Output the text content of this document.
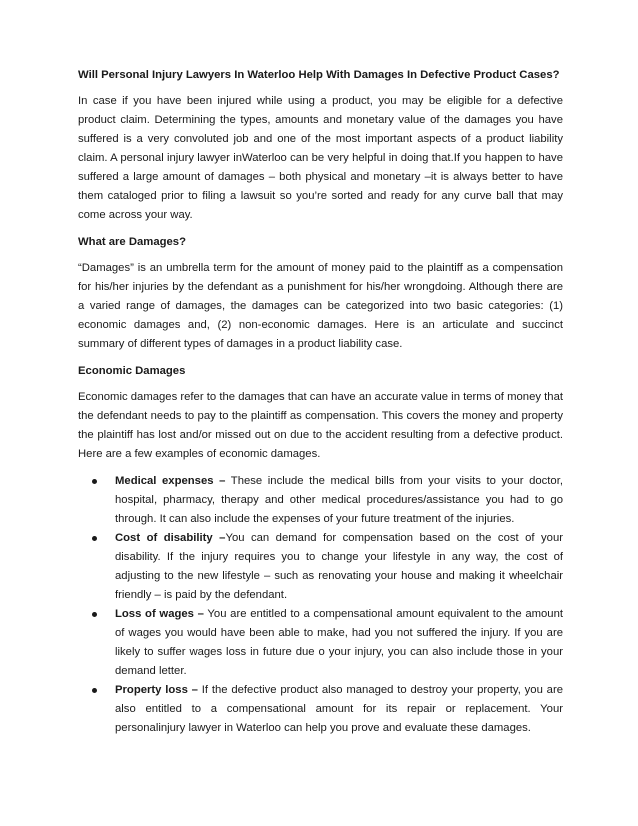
Will Personal Injury Lawyers In Waterloo Help With Damages In Defective Product Cases?

In case if you have been injured while using a product, you may be eligible for a defective product claim. Determining the types, amounts and monetary value of the damages you have suffered is a very convoluted job and one of the most important aspects of a product liability claim. A personal injury lawyer inWaterloo can be very helpful in doing that.If you happen to have suffered a large amount of damages – both physical and monetary –it is always better to have them cataloged prior to filing a lawsuit so you’re sorted and ready for any curve ball that may come across your way.

What are Damages?

“Damages” is an umbrella term for the amount of money paid to the plaintiff as a compensation for his/her injuries by the defendant as a punishment for his/her wrongdoing. Although there are a varied range of damages, the damages can be categorized into two basic categories: (1) economic damages and, (2) non-economic damages. Here is an articulate and succinct summary of different types of damages in a product liability case.

Economic Damages

Economic damages refer to the damages that can have an accurate value in terms of money that the defendant needs to pay to the plaintiff as compensation. This covers the money and property the plaintiff has lost and/or missed out on due to the accident resulting from a defective product. Here are a few examples of economic damages.

Medical expenses – These include the medical bills from your visits to your doctor, hospital, pharmacy, therapy and other medical procedures/assistance you had to go through. It can also include the expenses of your future treatment of the injuries.
Cost of disability –You can demand for compensation based on the cost of your disability. If the injury requires you to change your lifestyle in any way, the cost of adjusting to the new lifestyle – such as renovating your house and making it wheelchair friendly – is paid by the defendant.
Loss of wages – You are entitled to a compensational amount equivalent to the amount of wages you would have been able to make, had you not suffered the injury. If you are likely to suffer wages loss in future due o your injury, you can also include those in your demand letter.
Property loss – If the defective product also managed to destroy your property, you are also entitled to a compensational amount for its repair or replacement. Your personalinjury lawyer in Waterloo can help you prove and evaluate these damages.
